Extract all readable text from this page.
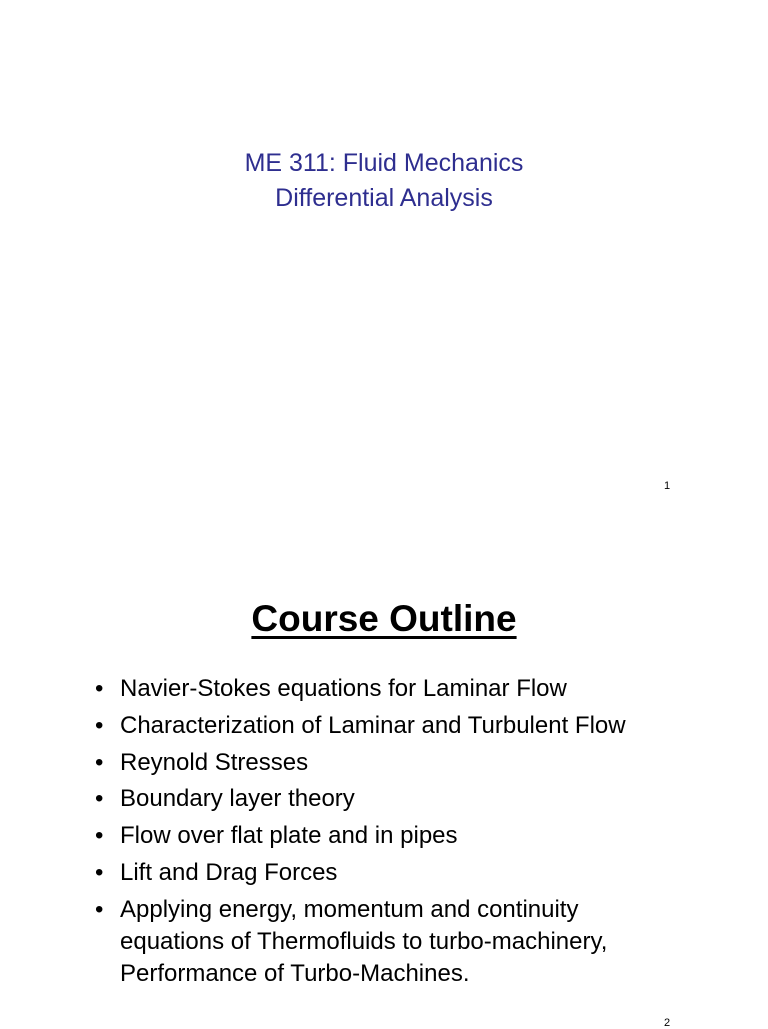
ME 311: Fluid Mechanics
Differential Analysis
1
Course Outline
• Navier-Stokes equations for Laminar Flow
• Characterization of Laminar and Turbulent Flow
• Reynold Stresses
• Boundary layer theory
• Flow over flat plate and in pipes
• Lift and Drag Forces
• Applying energy, momentum and continuity
equations of Thermofluids to turbo-machinery,
Performance of Turbo-Machines.
2
